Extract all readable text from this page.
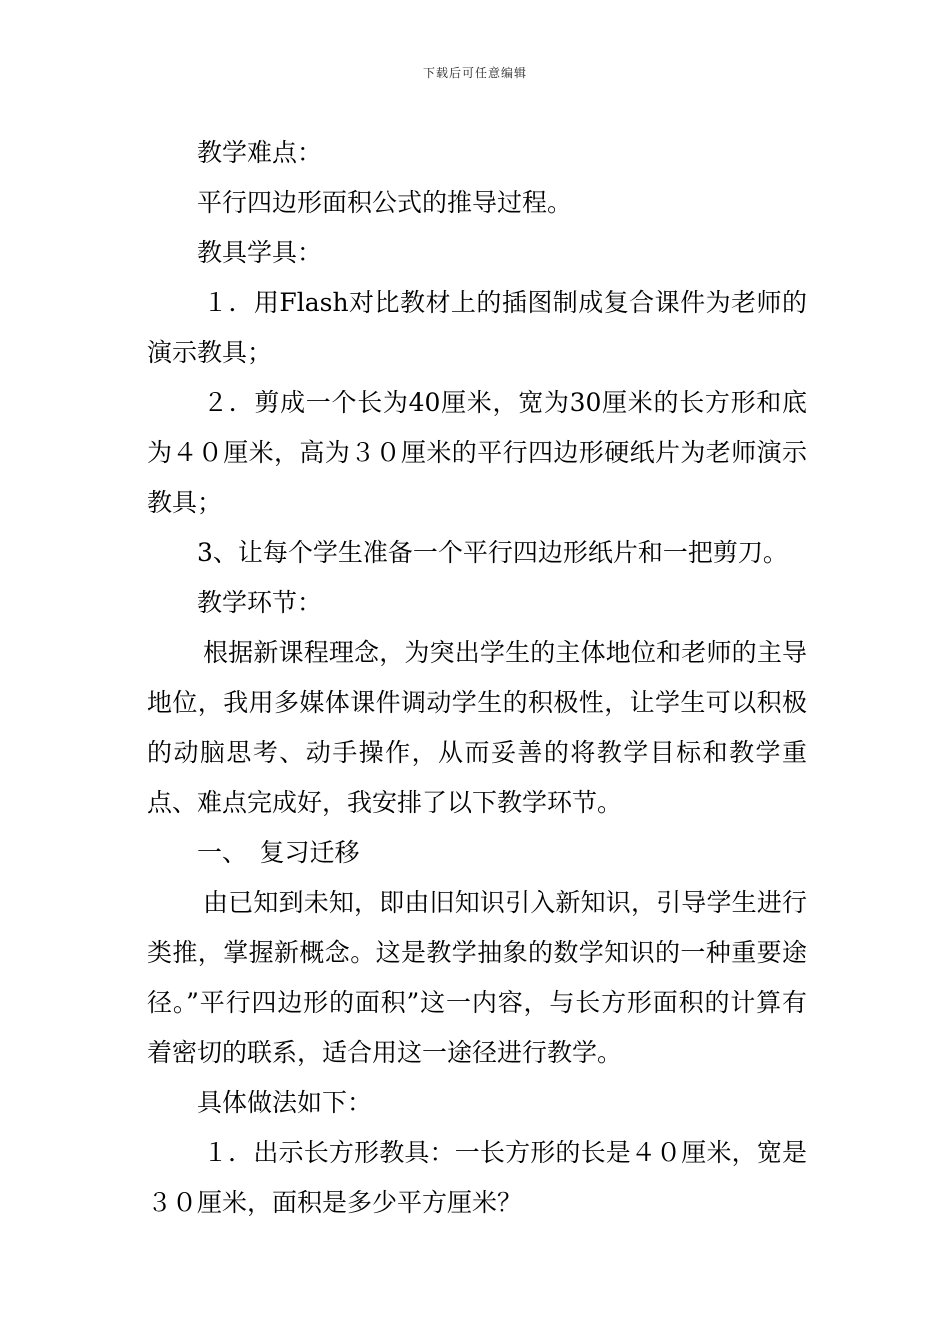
下载后可任意编辑

教学难点：

平行四边形面积公式的推导过程。

教具学具：

１．用Flash对比教材上的插图制成复合课件为老师的演示教具；

２．剪成一个长为40厘米，宽为30厘米的长方形和底为４０厘米，高为３０厘米的平行四边形硬纸片为老师演示教具；

3、让每个学生准备一个平行四边形纸片和一把剪刀。

教学环节：

根据新课程理念，为突出学生的主体地位和老师的主导地位，我用多媒体课件调动学生的积极性，让学生可以积极的动脑思考、动手操作，从而妥善的将教学目标和教学重点、难点完成好，我安排了以下教学环节。

一、　复习迁移

由已知到未知，即由旧知识引入新知识，引导学生进行类推，掌握新概念。这是教学抽象的数学知识的一种重要途径。”平行四边形的面积”这一内容，与长方形面积的计算有着密切的联系，适合用这一途径进行教学。

具体做法如下：

１．出示长方形教具：一长方形的长是４０厘米，宽是３０厘米，面积是多少平方厘米？
